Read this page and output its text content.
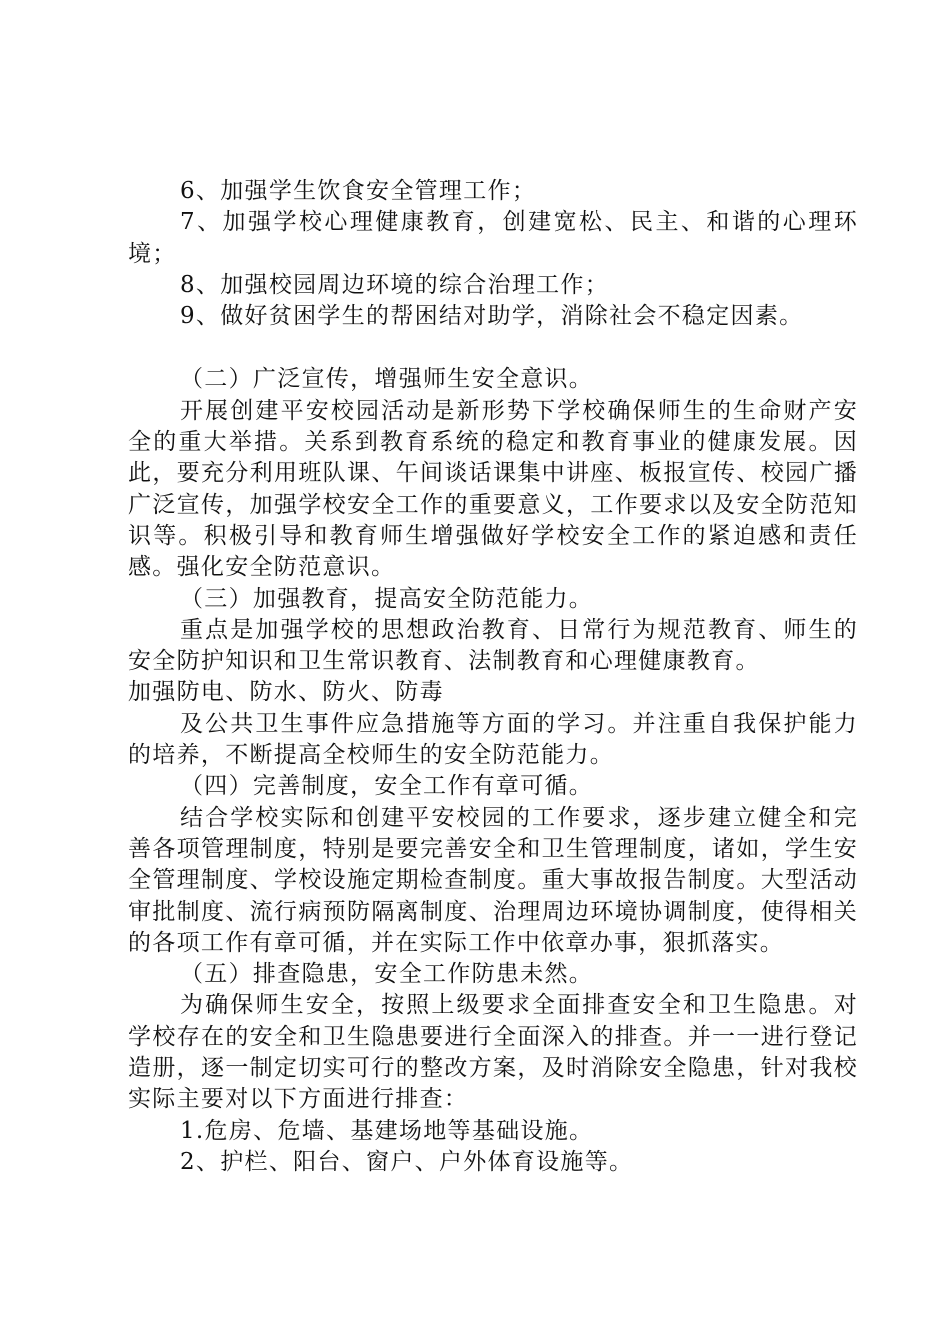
6、加强学生饮食安全管理工作；

7、加强学校心理健康教育，创建宽松、民主、和谐的心理环境；

8、加强校园周边环境的综合治理工作；

9、做好贫困学生的帮困结对助学，消除社会不稳定因素。

（二）广泛宣传，增强师生安全意识。

开展创建平安校园活动是新形势下学校确保师生的生命财产安全的重大举措。关系到教育系统的稳定和教育事业的健康发展。因此，要充分利用班队课、午间谈话课集中讲座、板报宣传、校园广播广泛宣传，加强学校安全工作的重要意义，工作要求以及安全防范知识等。积极引导和教育师生增强做好学校安全工作的紧迫感和责任感。强化安全防范意识。

（三）加强教育，提高安全防范能力。

重点是加强学校的思想政治教育、日常行为规范教育、师生的安全防护知识和卫生常识教育、法制教育和心理健康教育。

加强防电、防水、防火、防毒

及公共卫生事件应急措施等方面的学习。并注重自我保护能力的培养，不断提高全校师生的安全防范能力。

（四）完善制度，安全工作有章可循。

结合学校实际和创建平安校园的工作要求，逐步建立健全和完善各项管理制度，特别是要完善安全和卫生管理制度，诸如，学生安全管理制度、学校设施定期检查制度。重大事故报告制度。大型活动审批制度、流行病预防隔离制度、治理周边环境协调制度，使得相关的各项工作有章可循，并在实际工作中依章办事，狠抓落实。

（五）排查隐患，安全工作防患未然。

为确保师生安全，按照上级要求全面排查安全和卫生隐患。对学校存在的安全和卫生隐患要进行全面深入的排查。并一一进行登记造册，逐一制定切实可行的整改方案，及时消除安全隐患，针对我校实际主要对以下方面进行排查：

1.危房、危墙、基建场地等基础设施。

2、护栏、阳台、窗户、户外体育设施等。
